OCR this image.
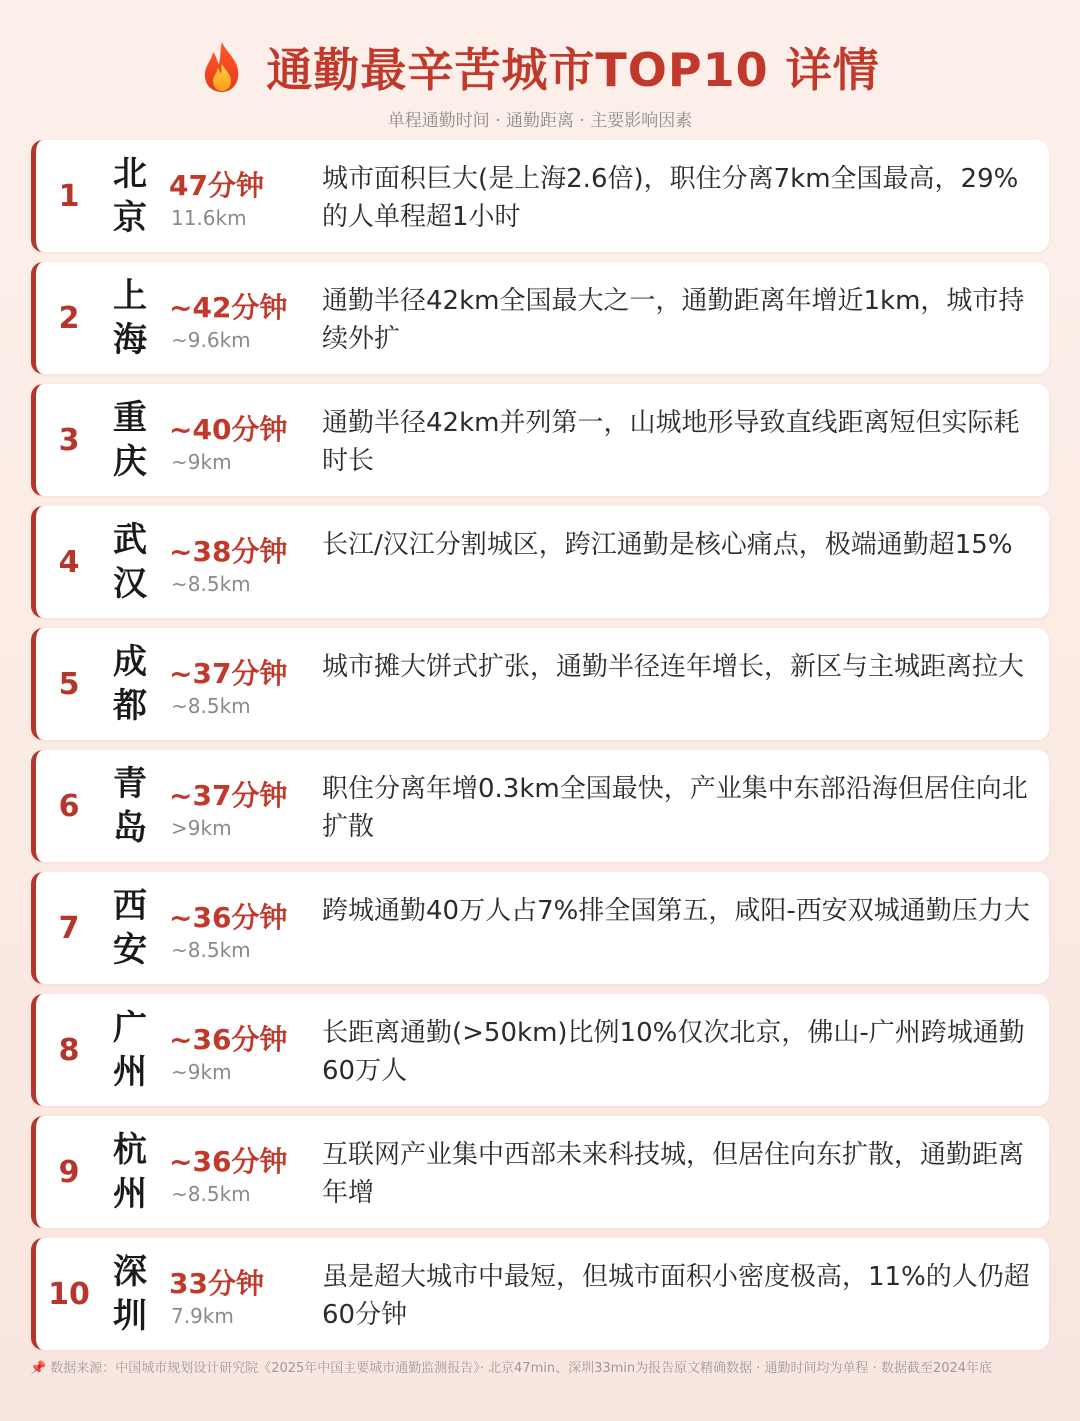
通勤最辛苦城市TOP10 详情
单程通勤时间 · 通勤距离 · 主要影响因素
1
北京
47分钟
11.6km
城市面积巨大(是上海2.6倍)，职住分离7km全国最高，29%的人单程超1小时
2
上海
~42分钟
~9.6km
通勤半径42km全国最大之一，通勤距离年增近1km，城市持续外扩
3
重庆
~40分钟
~9km
通勤半径42km并列第一，山城地形导致直线距离短但实际耗时长
4
武汉
~38分钟
~8.5km
长江/汉江分割城区，跨江通勤是核心痛点，极端通勤超15%
5
成都
~37分钟
~8.5km
城市摊大饼式扩张，通勤半径连年增长，新区与主城距离拉大
6
青岛
~37分钟
>9km
职住分离年增0.3km全国最快，产业集中东部沿海但居住向北扩散
7
西安
~36分钟
~8.5km
跨城通勤40万人占7%排全国第五，咸阳-西安双城通勤压力大
8
广州
~36分钟
~9km
长距离通勤(>50km)比例10%仅次北京，佛山-广州跨城通勤60万人
9
杭州
~36分钟
~8.5km
互联网产业集中西部未来科技城，但居住向东扩散，通勤距离年增
10
深圳
33分钟
7.9km
虽是超大城市中最短，但城市面积小密度极高，11%的人仍超60分钟
📌 数据来源：中国城市规划设计研究院《2025年中国主要城市通勤监测报告》· 北京47min、深圳33min为报告原文精确数据 · 通勤时间均为单程 · 数据截至2024年底
